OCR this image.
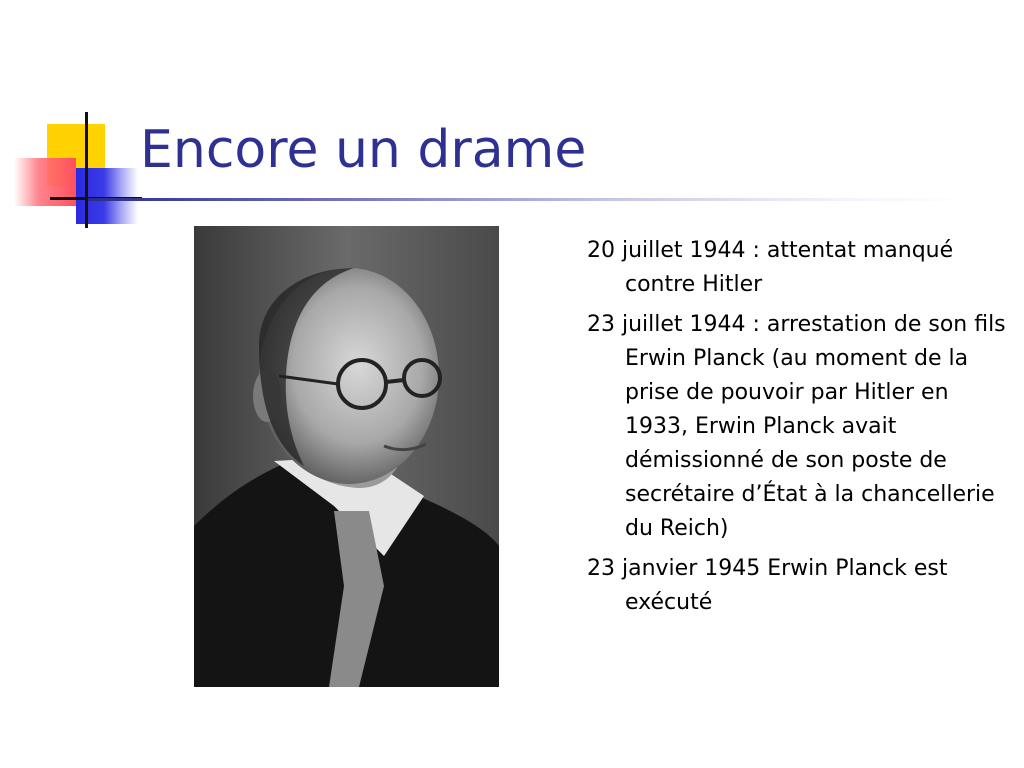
Encore un drame
20 juillet 1944 : attentat manqué contre Hitler
23 juillet 1944 : arrestation de son fils Erwin Planck (au moment de la prise de pouvoir par Hitler en 1933, Erwin Planck avait démissionné de son poste de secrétaire d’État à la chancellerie du Reich)
23 janvier 1945 Erwin Planck est exécuté
